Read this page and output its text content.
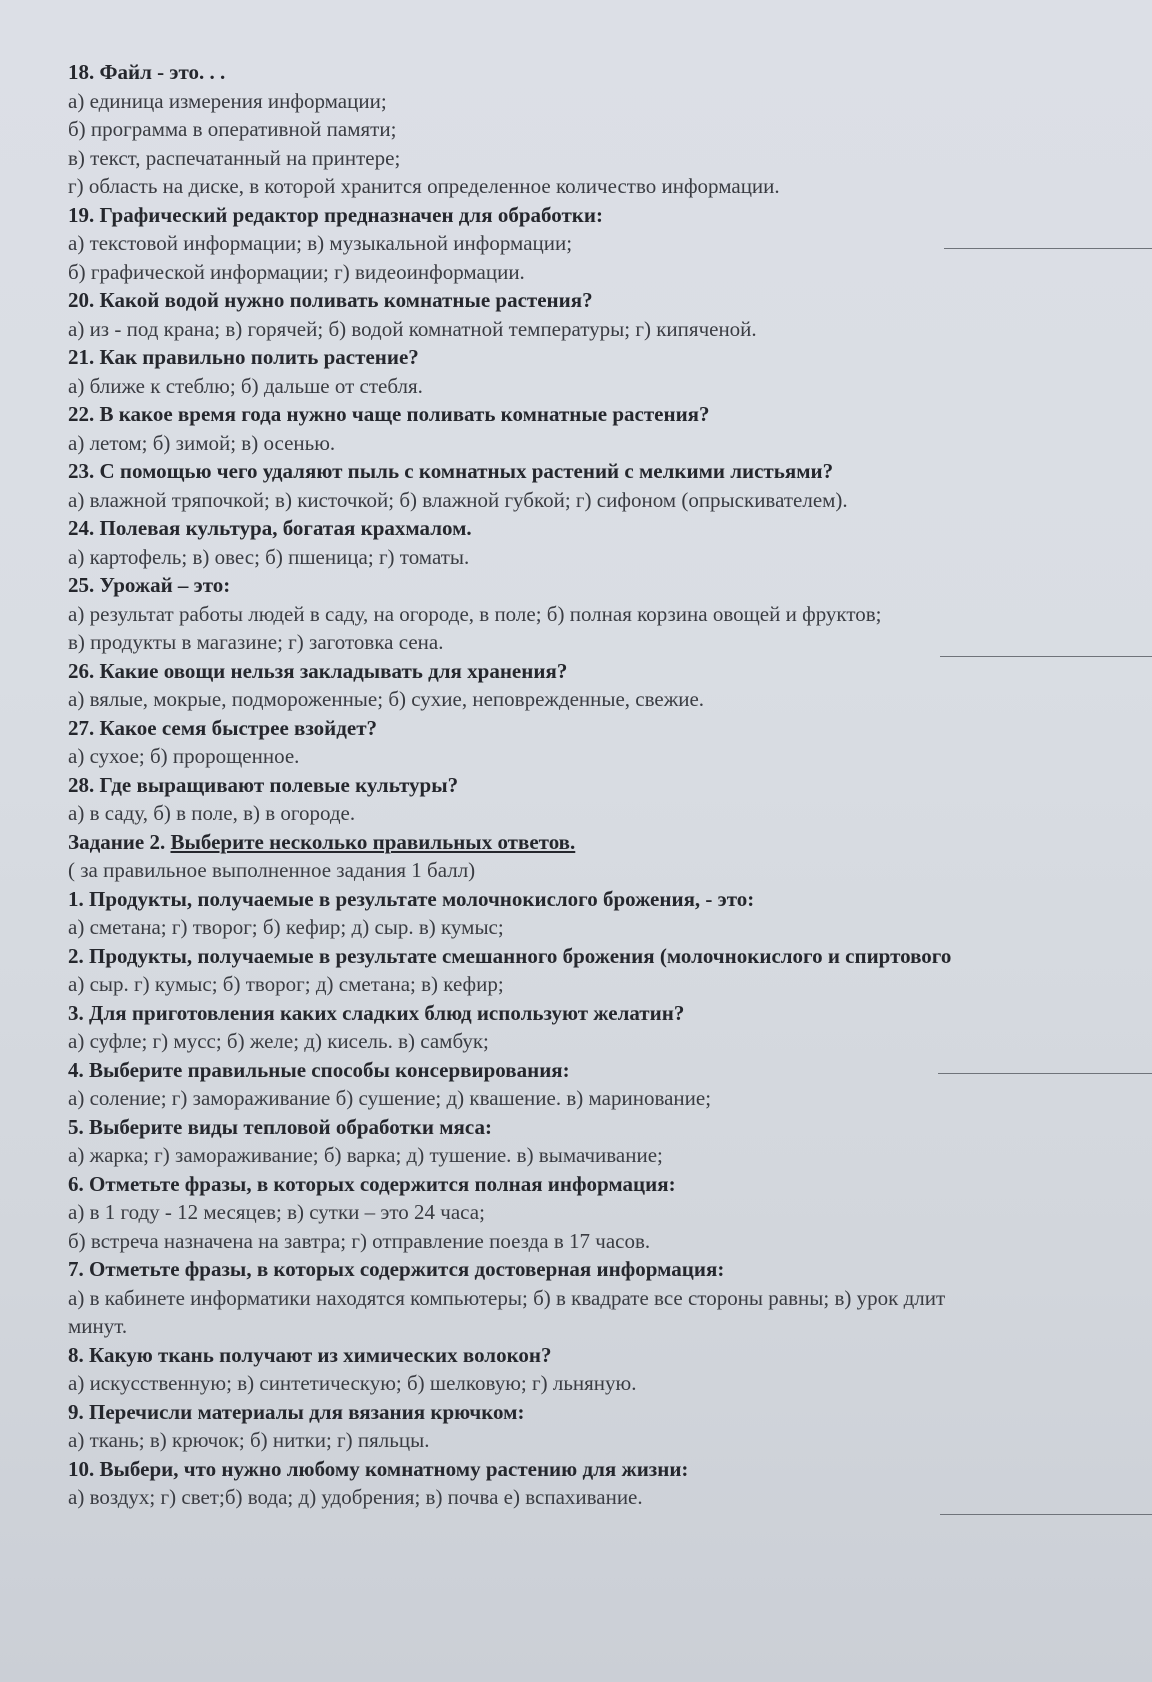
18. Файл - это. . .
а) единица измерения информации;
б) программа в оперативной памяти;
в) текст, распечатанный на принтере;
г) область на диске, в которой хранится определенное количество информации.
19. Графический редактор предназначен для обработки:
а) текстовой информации; в) музыкальной информации;
б) графической информации; г) видеоинформации.
20. Какой водой нужно поливать комнатные растения?
а) из - под крана; в) горячей; б) водой комнатной температуры; г) кипяченой.
21. Как правильно полить растение?
а) ближе к стеблю; б) дальше от стебля.
22. В какое время года нужно чаще поливать комнатные растения?
а) летом; б) зимой; в) осенью.
23. С помощью чего удаляют пыль с комнатных растений с мелкими листьями?
а) влажной тряпочкой; в) кисточкой; б) влажной губкой; г) сифоном (опрыскивателем).
24. Полевая культура, богатая крахмалом.
а) картофель; в) овес; б) пшеница; г) томаты.
25. Урожай – это:
а) результат работы людей в саду, на огороде, в поле; б) полная корзина овощей и фруктов;
в) продукты в магазине; г) заготовка сена.
26. Какие овощи нельзя закладывать для хранения?
а) вялые, мокрые, подмороженные; б) сухие, неповрежденные, свежие.
27. Какое семя быстрее взойдет?
а) сухое; б) пророщенное.
28. Где выращивают полевые культуры?
а) в саду, б) в поле, в) в огороде.
Задание 2. Выберите несколько правильных ответов.
( за правильное выполненное задания 1 балл)
1. Продукты, получаемые в результате молочнокислого брожения, - это:
а) сметана; г) творог; б) кефир; д) сыр. в) кумыс;
2. Продукты, получаемые в результате смешанного брожения (молочнокислого и спиртового
а) сыр. г) кумыс; б) творог; д) сметана; в) кефир;
3. Для приготовления каких сладких блюд используют желатин?
а) суфле; г) мусс; б) желе; д) кисель. в) самбук;
4. Выберите правильные способы консервирования:
а) соление; г) замораживание б) сушение; д) квашение. в) маринование;
5. Выберите виды тепловой обработки мяса:
а) жарка; г) замораживание; б) варка; д) тушение. в) вымачивание;
6. Отметьте фразы, в которых содержится полная информация:
а) в 1 году - 12 месяцев; в) сутки – это 24 часа;
б) встреча назначена на завтра; г) отправление поезда в 17 часов.
7. Отметьте фразы, в которых содержится достоверная информация:
а) в кабинете информатики находятся компьютеры; б) в квадрате все стороны равны; в) урок длит
минут.
8. Какую ткань получают из химических волокон?
а) искусственную; в) синтетическую; б) шелковую; г) льняную.
9. Перечисли материалы для вязания крючком:
а) ткань; в) крючок; б) нитки; г) пяльцы.
10. Выбери, что нужно любому комнатному растению для жизни:
а) воздух; г) свет;б) вода; д) удобрения; в) почва е) вспахивание.
